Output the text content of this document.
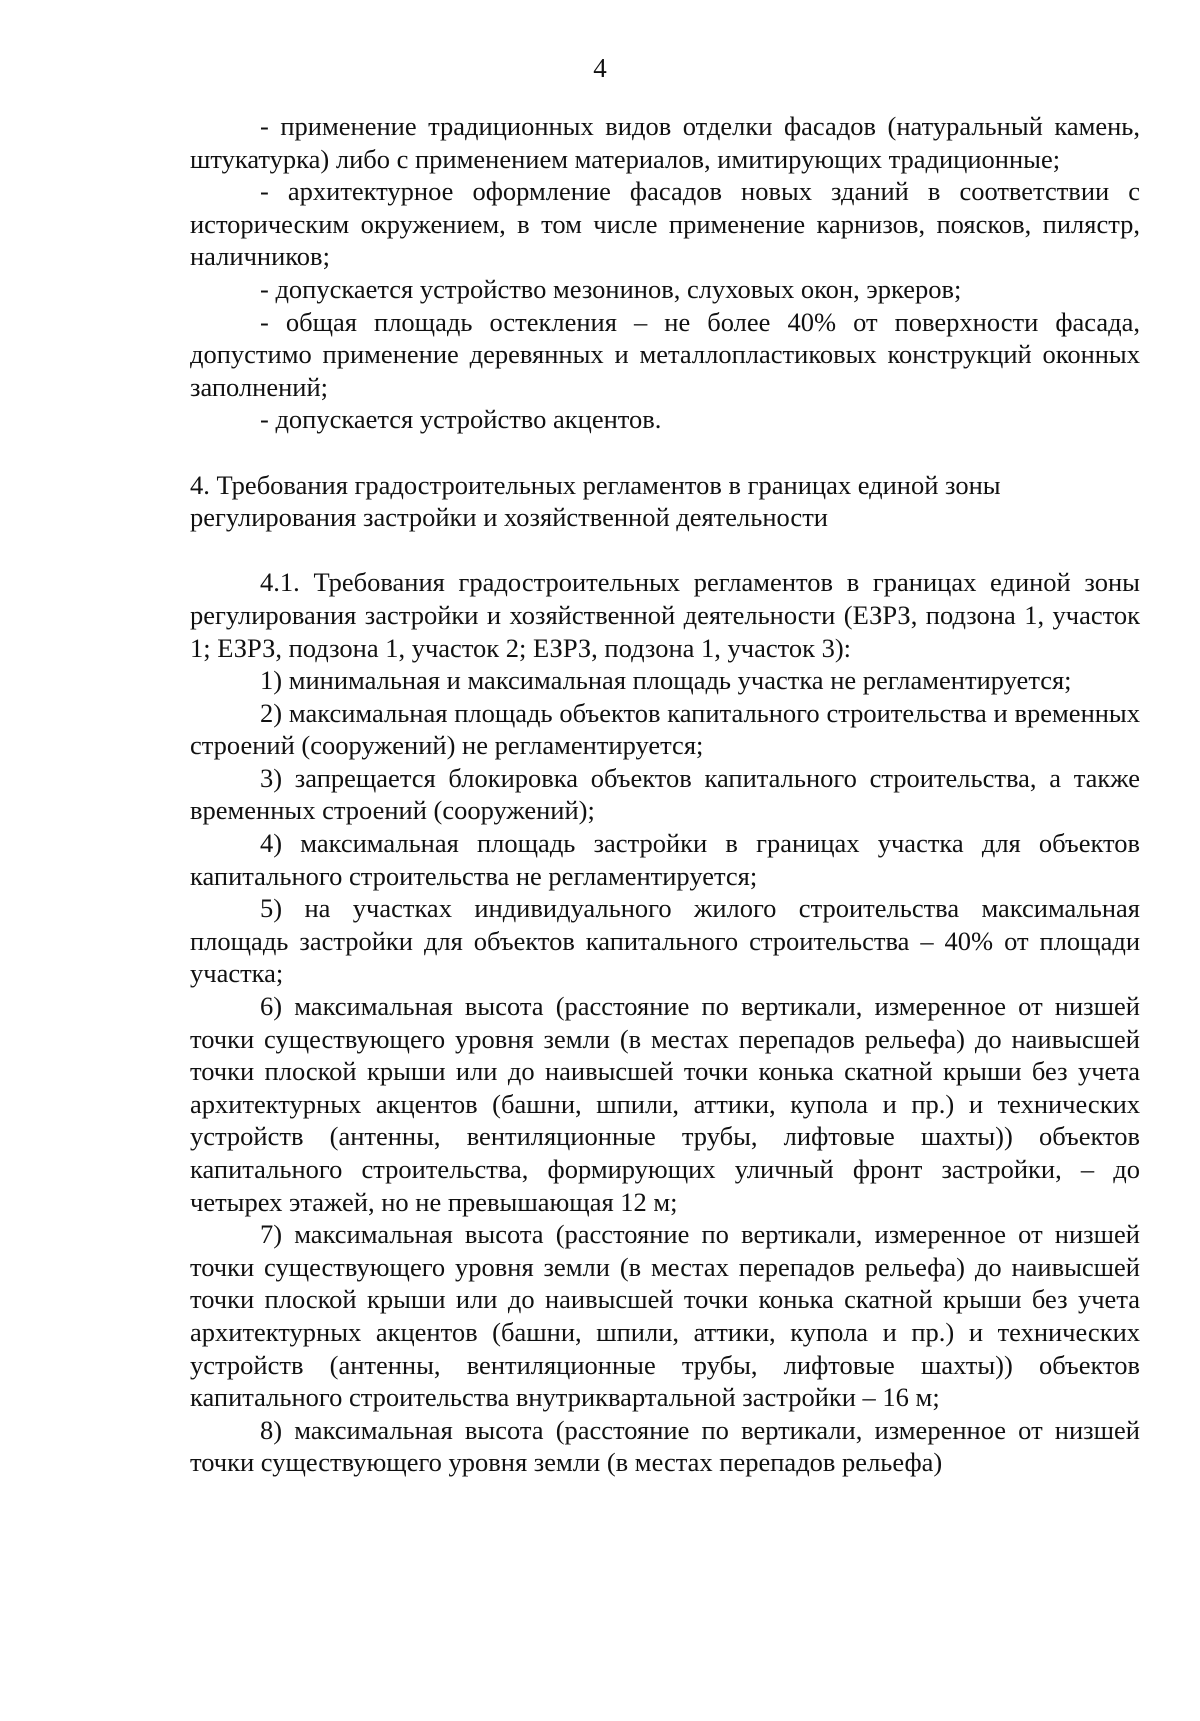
4

- применение традиционных видов отделки фасадов (натуральный камень, штукатурка) либо с применением материалов, имитирующих традиционные;

- архитектурное оформление фасадов новых зданий в соответствии с историческим окружением, в том числе применение карнизов, поясков, пилястр, наличников;

- допускается устройство мезонинов, слуховых окон, эркеров;

- общая площадь остекления – не более 40% от поверхности фасада, допустимо применение деревянных и металлопластиковых конструкций оконных заполнений;

- допускается устройство акцентов.

4. Требования градостроительных регламентов в границах единой зоны
регулирования застройки и хозяйственной деятельности

4.1. Требования градостроительных регламентов в границах единой зоны регулирования застройки и хозяйственной деятельности (ЕЗРЗ, подзона 1, участок 1; ЕЗРЗ, подзона 1, участок 2; ЕЗРЗ, подзона 1, участок 3):

1) минимальная и максимальная площадь участка не регламентируется;

2) максимальная площадь объектов капитального строительства и временных строений (сооружений) не регламентируется;

3) запрещается блокировка объектов капитального строительства, а также временных строений (сооружений);

4) максимальная площадь застройки в границах участка для объектов капитального строительства не регламентируется;

5) на участках индивидуального жилого строительства максимальная площадь застройки для объектов капитального строительства – 40% от площади участка;

6) максимальная высота (расстояние по вертикали, измеренное от низшей точки существующего уровня земли (в местах перепадов рельефа) до наивысшей точки плоской крыши или до наивысшей точки конька скатной крыши без учета архитектурных акцентов (башни, шпили, аттики, купола и пр.) и технических устройств (антенны, вентиляционные трубы, лифтовые шахты)) объектов капитального строительства, формирующих уличный фронт застройки, – до четырех этажей, но не превышающая 12 м;

7) максимальная высота (расстояние по вертикали, измеренное от низшей точки существующего уровня земли (в местах перепадов рельефа) до наивысшей точки плоской крыши или до наивысшей точки конька скатной крыши без учета архитектурных акцентов (башни, шпили, аттики, купола и пр.) и технических устройств (антенны, вентиляционные трубы, лифтовые шахты)) объектов капитального строительства внутриквартальной застройки – 16 м;

8) максимальная высота (расстояние по вертикали, измеренное от низшей точки существующего уровня земли (в местах перепадов рельефа)
